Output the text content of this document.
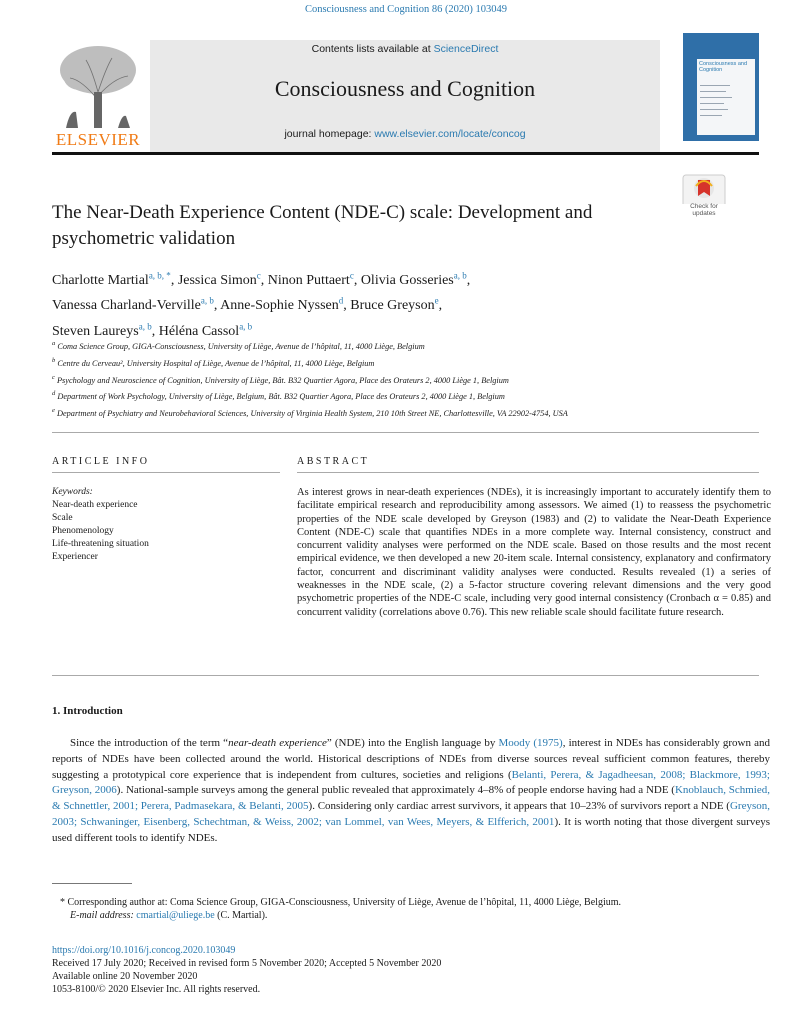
Consciousness and Cognition 86 (2020) 103049
ELSEVIER
Contents lists available at ScienceDirect
Consciousness and Cognition
journal homepage: www.elsevier.com/locate/concog
Consciousness and Cognition
Check for
updates
The Near-Death Experience Content (NDE-C) scale: Development and psychometric validation
Charlotte Martial$^{a, b, *}$, Jessica Simon$^c$, Ninon Puttaert$^c$, Olivia Gosseries$^{a, b}$,
Vanessa Charland-Verville$^{a, b}$, Anne-Sophie Nyssen$^d$, Bruce Greyson$^e$,
Steven Laureys$^{a, b}$, Héléna Cassol$^{a, b}$
$^a$ Coma Science Group, GIGA-Consciousness, University of Liège, Avenue de l’hôpital, 11, 4000 Liège, Belgium
$^b$ Centre du Cerveau², University Hospital of Liège, Avenue de l’hôpital, 11, 4000 Liège, Belgium
$^c$ Psychology and Neuroscience of Cognition, University of Liège, Bât. B32 Quartier Agora, Place des Orateurs 2, 4000 Liège 1, Belgium
$^d$ Department of Work Psychology, University of Liège, Belgium, Bât. B32 Quartier Agora, Place des Orateurs 2, 4000 Liège 1, Belgium
$^e$ Department of Psychiatry and Neurobehavioral Sciences, University of Virginia Health System, 210 10th Street NE, Charlottesville, VA 22902-4754, USA
ARTICLE INFO	ABSTRACT
Keywords:
Near-death experience
Scale
Phenomenology
Life-threatening situation
Experiencer
As interest grows in near-death experiences (NDEs), it is increasingly important to accurately identify them to facilitate empirical research and reproducibility among assessors. We aimed (1) to reassess the psychometric properties of the NDE scale developed by Greyson (1983) and (2) to validate the Near-Death Experience Content (NDE-C) scale that quantifies NDEs in a more complete way. Internal consistency, construct and concurrent validity analyses were performed on the NDE scale. Based on those results and the most recent empirical evidence, we then developed a new 20-item scale. Internal consistency, explanatory and confirmatory factor, concurrent and discriminant validity analyses were conducted. Results revealed (1) a series of weaknesses in the NDE scale, (2) a 5-factor structure covering relevant dimensions and the very good psychometric properties of the NDE-C scale, including very good internal consistency (Cronbach α = 0.85) and concurrent validity (correlations above 0.76). This new reliable scale should facilitate future research.
1. Introduction

Since the introduction of the term “near-death experience” (NDE) into the English language by Moody (1975), interest in NDEs has considerably grown and reports of NDEs have been collected around the world. Historical descriptions of NDEs from diverse sources reveal sufficient common features, thereby suggesting a prototypical core experience that is independent from cultures, societies and religions (Belanti, Perera, & Jagadheesan, 2008; Blackmore, 1993; Greyson, 2006). National-sample surveys among the general public revealed that approximately 4–8% of people endorse having had a NDE (Knoblauch, Schmied, & Schnettler, 2001; Perera, Padmasekara, & Belanti, 2005). Considering only cardiac arrest survivors, it appears that 10–23% of survivors report a NDE (Greyson, 2003; Schwaninger, Eisenberg, Schechtman, & Weiss, 2002; van Lommel, van Wees, Meyers, & Elfferich, 2001). It is worth noting that those divergent surveys used different tools to identify NDEs.

* Corresponding author at: Coma Science Group, GIGA-Consciousness, University of Liège, Avenue de l’hôpital, 11, 4000 Liège, Belgium.
E-mail address: cmartial@uliege.be (C. Martial).
https://doi.org/10.1016/j.concog.2020.103049
Received 17 July 2020; Received in revised form 5 November 2020; Accepted 5 November 2020
Available online 20 November 2020
1053-8100/© 2020 Elsevier Inc. All rights reserved.
